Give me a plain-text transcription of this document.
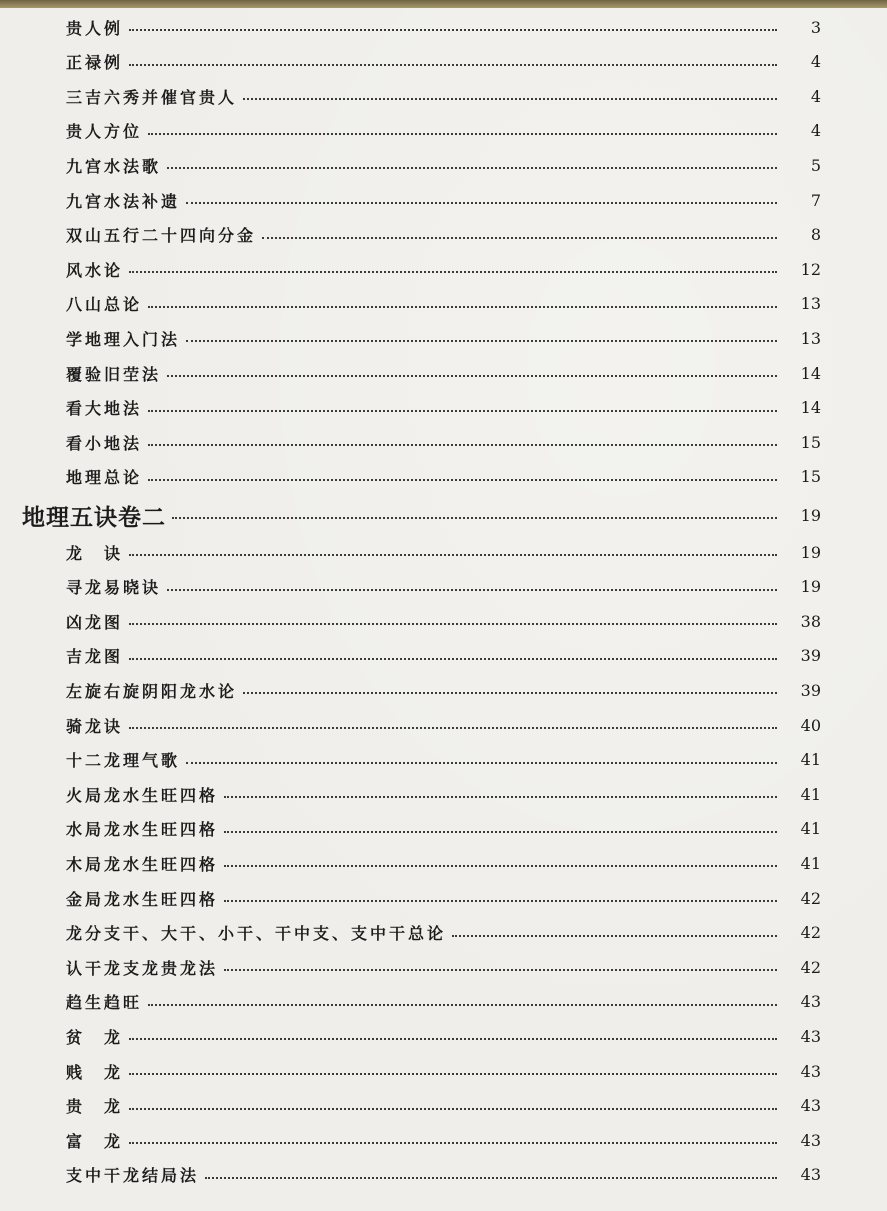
贵人例	3
正禄例	4
三吉六秀并催官贵人	4
贵人方位	4
九宫水法歌	5
九宫水法补遗	7
双山五行二十四向分金	8
风水论	12
八山总论	13
学地理入门法	13
覆验旧茔法	14
看大地法	14
看小地法	15
地理总论	15
地理五诀卷二	19
龙　诀	19
寻龙易晓诀	19
凶龙图	38
吉龙图	39
左旋右旋阴阳龙水论	39
骑龙诀	40
十二龙理气歌	41
火局龙水生旺四格	41
水局龙水生旺四格	41
木局龙水生旺四格	41
金局龙水生旺四格	42
龙分支干、大干、小干、干中支、支中干总论	42
认干龙支龙贵龙法	42
趋生趋旺	43
贫　龙	43
贱　龙	43
贵　龙	43
富　龙	43
支中干龙结局法	43
